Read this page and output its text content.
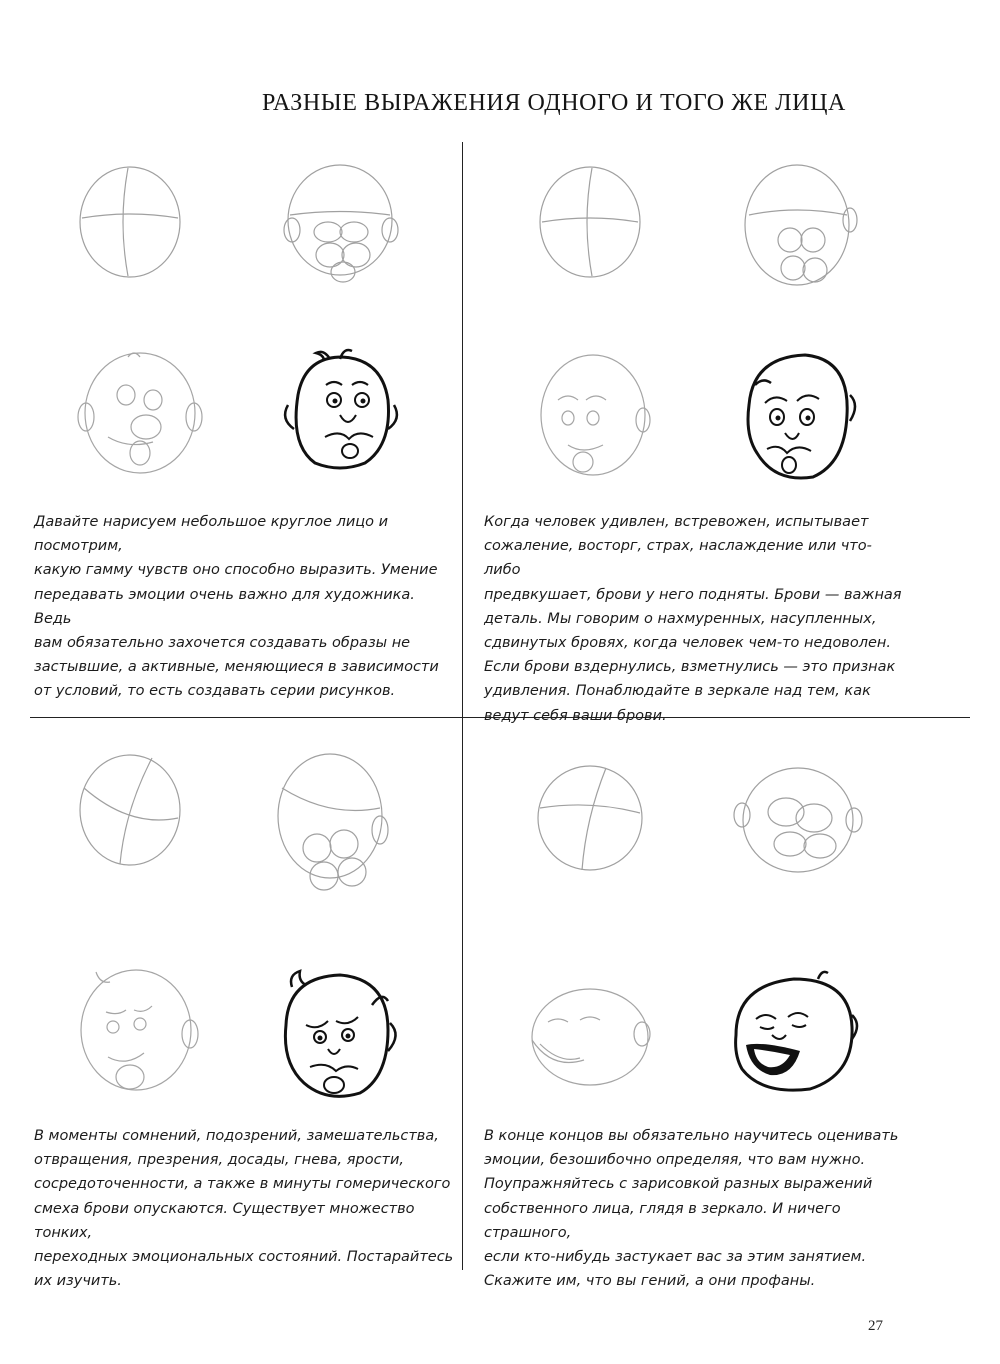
РАЗНЫЕ ВЫРАЖЕНИЯ ОДНОГО И ТОГО ЖЕ ЛИЦА

Давайте нарисуем небольшое круглое лицо и посмотрим,
какую гамму чувств оно способно выразить. Умение
передавать эмоции очень важно для художника. Ведь
вам обязательно захочется создавать образы не
застывшие, а активные, меняющиеся в зависимости
от условий, то есть создавать серии рисунков.

Когда человек удивлен, встревожен, испытывает
сожаление, восторг, страх, наслаждение или что-либо
предвкушает, брови у него подняты. Брови — важная
деталь. Мы говорим о нахмуренных, насупленных,
сдвинутых бровях, когда человек чем-то недоволен.
Если брови вздернулись, взметнулись — это признак
удивления. Понаблюдайте в зеркале над тем, как
ведут себя ваши брови.

В моменты сомнений, подозрений, замешательства,
отвращения, презрения, досады, гнева, ярости,
сосредоточенности, а также в минуты гомерического
смеха брови опускаются. Существует множество тонких,
переходных эмоциональных состояний. Постарайтесь
их изучить.

В конце концов вы обязательно научитесь оценивать
эмоции, безошибочно определяя, что вам нужно.
Поупражняйтесь с зарисовкой разных выражений
собственного лица, глядя в зеркало. И ничего страшного,
если кто-нибудь застукает вас за этим занятием.
Скажите им, что вы гений, а они профаны.

27
